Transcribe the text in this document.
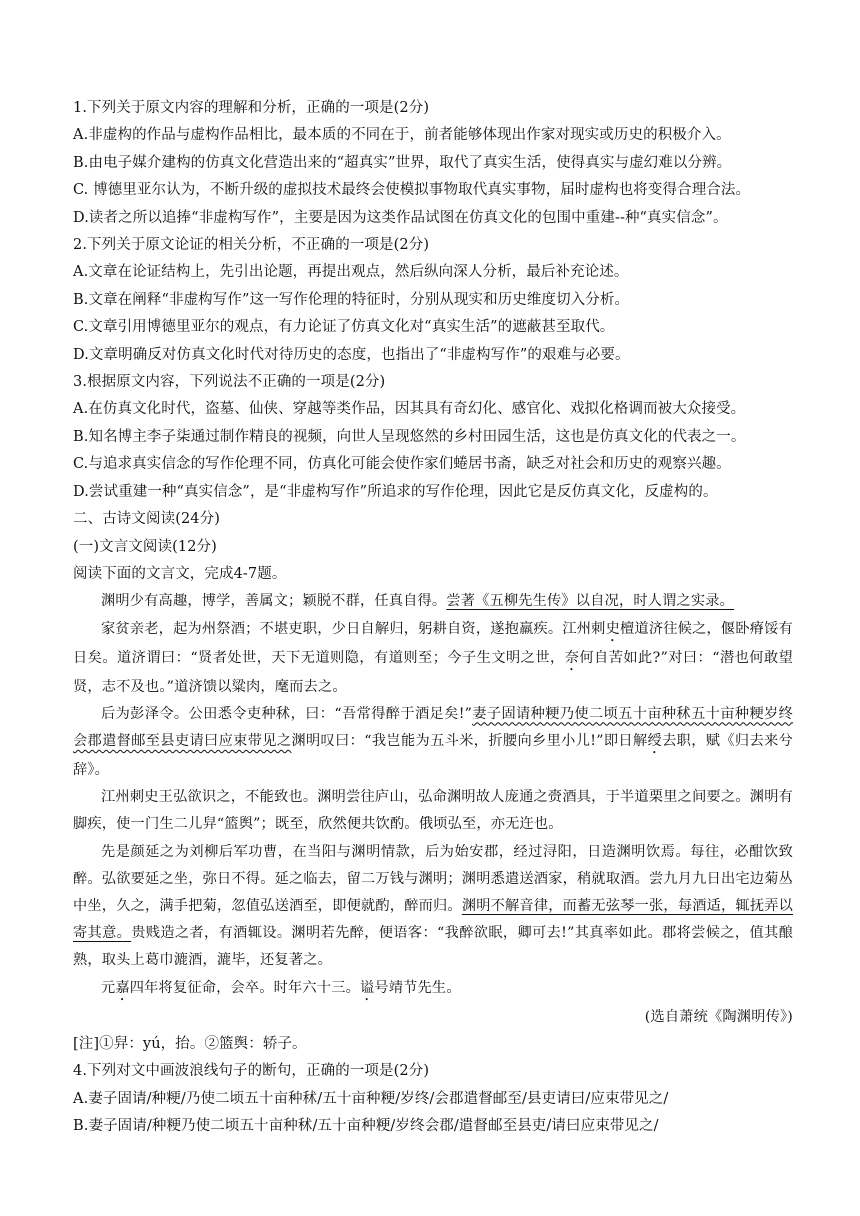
1.下列关于原文内容的理解和分析，正确的一项是(2分)
A.非虚构的作品与虚构作品相比，最本质的不同在于，前者能够体现出作家对现实或历史的积极介入。
B.由电子媒介建构的仿真文化营造出来的“超真实”世界，取代了真实生活，使得真实与虚幻难以分辨。
C. 博德里亚尔认为，不断升级的虚拟技术最终会使模拟事物取代真实事物，届时虚构也将变得合理合法。
D.读者之所以追捧“非虚构写作”，主要是因为这类作品试图在仿真文化的包围中重建--种“真实信念”。
2.下列关于原文论证的相关分析，不正确的一项是(2分)
A.文章在论证结构上，先引出论题，再提出观点，然后纵向深人分析，最后补充论述。
B.文章在阐释“非虚构写作”这一写作伦理的特征时，分别从现实和历史维度切入分析。
C.文章引用博德里亚尔的观点，有力论证了仿真文化对“真实生活”的遮蔽甚至取代。
D.文章明确反对仿真文化时代对待历史的态度，也指出了“非虚构写作”的艰难与必要。
3.根据原文内容，下列说法不正确的一项是(2分)
A.在仿真文化时代，盗墓、仙侠、穿越等类作品，因其具有奇幻化、感官化、戏拟化格调而被大众接受。
B.知名博主李子柒通过制作精良的视频，向世人呈现悠然的乡村田园生活，这也是仿真文化的代表之一。
C.与追求真实信念的写作伦理不同，仿真化可能会使作家们蜷居书斋，缺乏对社会和历史的观察兴趣。
D.尝试重建一种“真实信念”，是“非虚构写作”所追求的写作伦理，因此它是反仿真文化，反虚构的。
二、古诗文阅读(24分)
(一)文言文阅读(12分)
阅读下面的文言文，完成4-7题。
渊明少有高趣，博学，善属文；颖脱不群，任真自得。尝著《五柳先生传》以自况，时人谓之实录。
家贫亲老，起为州祭酒；不堪吏职，少日自解归，躬耕自资，遂抱羸疾。江州刺史檀道济往候之，偃卧瘠馁有日矣。道济谓曰：“贤者处世，天下无道则隐，有道则至；今子生文明之世，奈何自苦如此?”对曰：“潜也何敢望贤，志不及也。”道济馈以粱肉，麾而去之。
后为彭泽令。公田悉令吏种秫，曰：“吾常得醉于酒足矣!”妻子固请种粳乃使二顷五十亩种秫五十亩种粳岁终会郡遣督邮至县吏请曰应束带见之渊明叹曰：“我岂能为五斗米，折腰向乡里小儿!”即日解绶去职，赋《归去来兮辞》。
江州刺史王弘欲识之，不能致也。渊明尝往庐山，弘命渊明故人庞通之赍酒具，于半道栗里之间要之。渊明有脚疾，使一门生二儿舁“篮舆”；既至，欣然便共饮酌。俄顷弘至，亦无迕也。
先是颜延之为刘柳后军功曹，在当阳与渊明情款，后为始安郡，经过浔阳，日造渊明饮焉。每往，必酣饮致醉。弘欲要延之坐，弥日不得。延之临去，留二万钱与渊明；渊明悉遣送酒家，稍就取酒。尝九月九日出宅边菊丛中坐，久之，满手把菊，忽值弘送酒至，即便就酌，醉而归。渊明不解音律，而蓄无弦琴一张，每酒适，辄抚弄以寄其意。贵贱造之者，有酒辄设。渊明若先醉，便语客：“我醉欲眠，卿可去!”其真率如此。郡将尝候之，值其酿熟，取头上葛巾漉酒，漉毕，还复著之。
元嘉四年将复征命，会卒。时年六十三。谥号靖节先生。
(选自萧统《陶渊明传》)
[注]①舁：yú，抬。②篮舆：轿子。
4.下列对文中画波浪线句子的断句，正确的一项是(2分)
A.妻子固请/种粳/乃使二顷五十亩种秫/五十亩种粳/岁终/会郡遣督邮至/县吏请曰/应束带见之/
B.妻子固请/种粳乃使二顷五十亩种秫/五十亩种粳/岁终会郡/遣督邮至县吏/请曰应束带见之/
